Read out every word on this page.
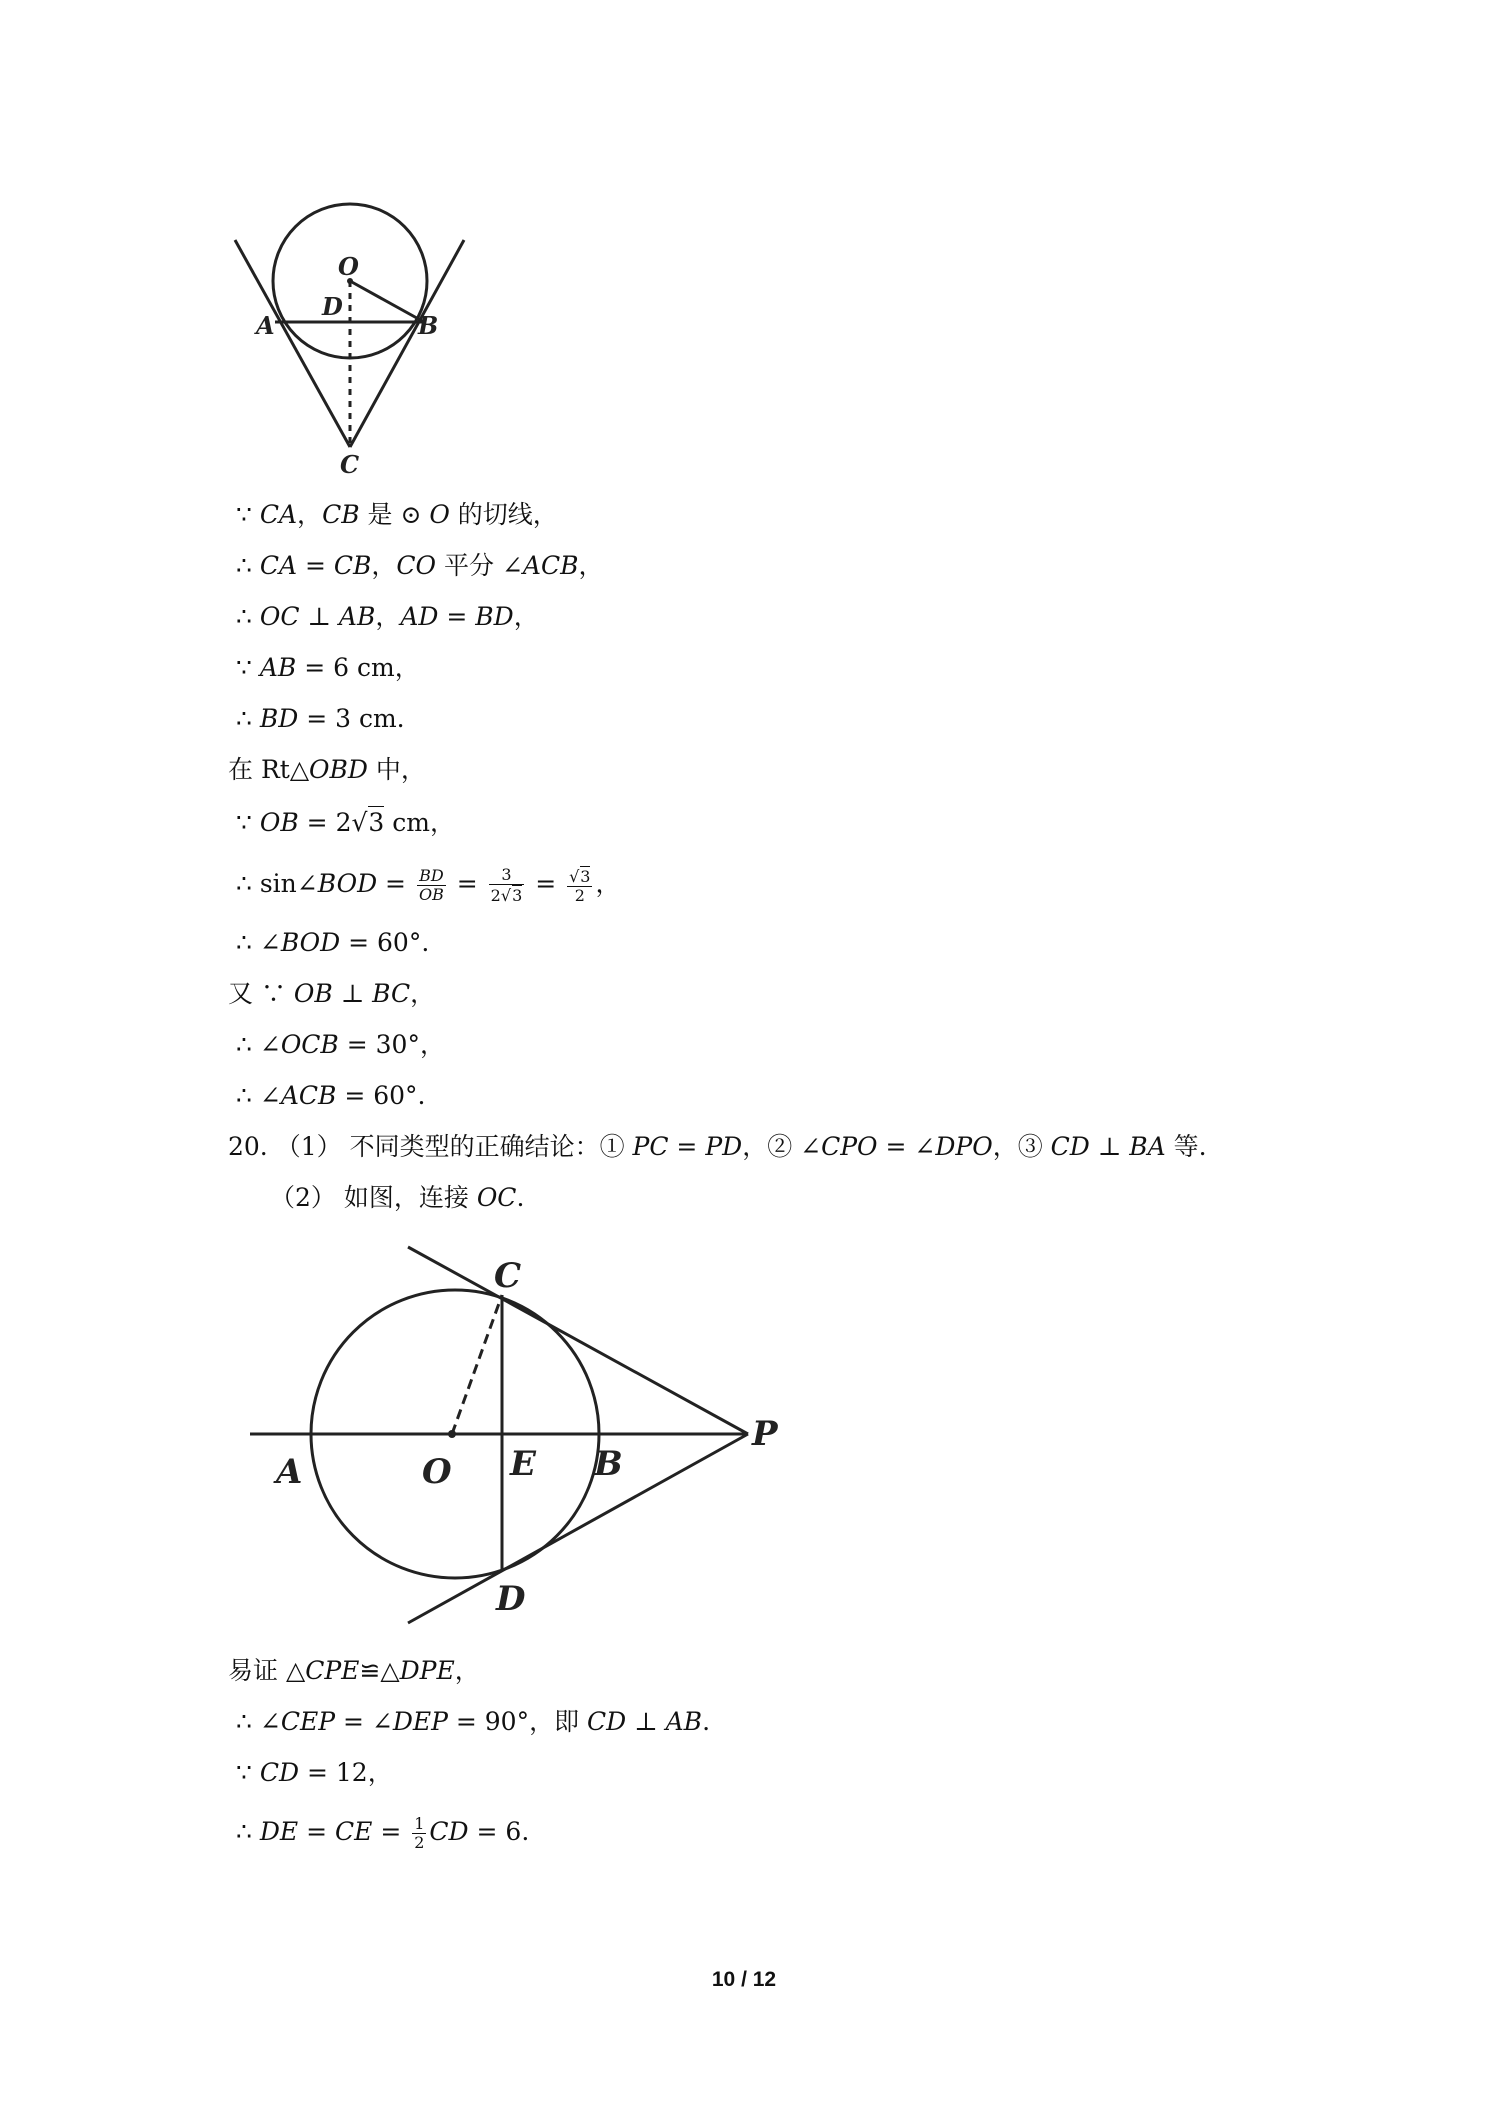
O
D
A	B
C
∵ CA，CB 是 ⊙ O 的切线，
∴ CA = CB，CO 平分 ∠ACB，
∴ OC ⊥ AB，AD = BD，
∵ AB = 6 cm，
∴ BD = 3 cm.
在 Rt△OBD 中，
∵ OB = 2√3 cm，
∴ sin∠BOD = $\frac{BD}{OB} = \frac{3}{2√3} = \frac{√3}{2}$ ，
∴ ∠BOD = 60°.
又 ∵ OB ⊥ BC，
∴ ∠OCB = 30°，
∴ ∠ACB = 60°.
20. （1） 不同类型的正确结论：① PC = PD，② ∠CPO = ∠DPO，③ CD ⊥ BA 等.
（2） 如图，连接 OC.
C
P
A	O E B
D
易证 △CPE≌△DPE，
∴ ∠CEP = ∠DEP = 90°，即 CD ⊥ AB.
∵ CD = 12，
∴ DE = CE = $\frac{1}{2}$ CD = 6.
10 / 12
